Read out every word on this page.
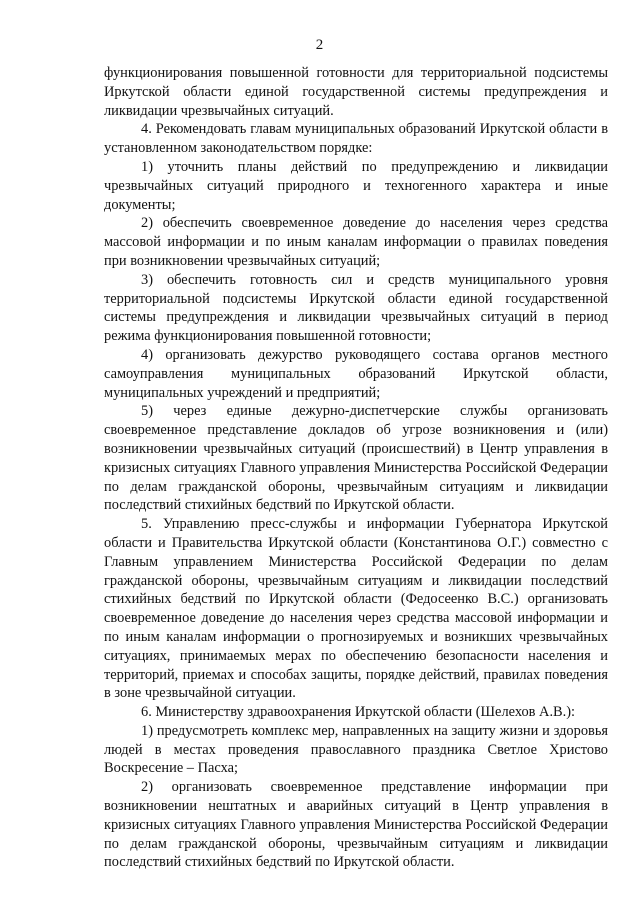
2

функционирования повышенной готовности для территориальной подсистемы Иркутской области единой государственной системы предупреждения и ликвидации чрезвычайных ситуаций.

4. Рекомендовать главам муниципальных образований Иркутской области в установленном законодательством порядке:

1) уточнить планы действий по предупреждению и ликвидации чрезвычайных ситуаций природного и техногенного характера и иные документы;

2) обеспечить своевременное доведение до населения через средства массовой информации и по иным каналам информации о правилах поведения при возникновении чрезвычайных ситуаций;

3) обеспечить готовность сил и средств муниципального уровня территориальной подсистемы Иркутской области единой государственной системы предупреждения и ликвидации чрезвычайных ситуаций в период режима функционирования повышенной готовности;

4) организовать дежурство руководящего состава органов местного самоуправления муниципальных образований Иркутской области, муниципальных учреждений и предприятий;

5) через единые дежурно-диспетчерские службы организовать своевременное представление докладов об угрозе возникновения и (или) возникновении чрезвычайных ситуаций (происшествий) в Центр управления в кризисных ситуациях Главного управления Министерства Российской Федерации по делам гражданской обороны, чрезвычайным ситуациям и ликвидации последствий стихийных бедствий по Иркутской области.

5. Управлению пресс-службы и информации Губернатора Иркутской области и Правительства Иркутской области (Константинова О.Г.) совместно с Главным управлением Министерства Российской Федерации по делам гражданской обороны, чрезвычайным ситуациям и ликвидации последствий стихийных бедствий по Иркутской области (Федосеенко В.С.) организовать своевременное доведение до населения через средства массовой информации и по иным каналам информации о прогнозируемых и возникших чрезвычайных ситуациях, принимаемых мерах по обеспечению безопасности населения и территорий, приемах и способах защиты, порядке действий, правилах поведения в зоне чрезвычайной ситуации.

6. Министерству здравоохранения Иркутской области (Шелехов А.В.):

1) предусмотреть комплекс мер, направленных на защиту жизни и здоровья людей в местах проведения православного праздника Светлое Христово Воскресение – Пасха;

2) организовать своевременное представление информации при возникновении нештатных и аварийных ситуаций в Центр управления в кризисных ситуациях Главного управления Министерства Российской Федерации по делам гражданской обороны, чрезвычайным ситуациям и ликвидации последствий стихийных бедствий по Иркутской области.
